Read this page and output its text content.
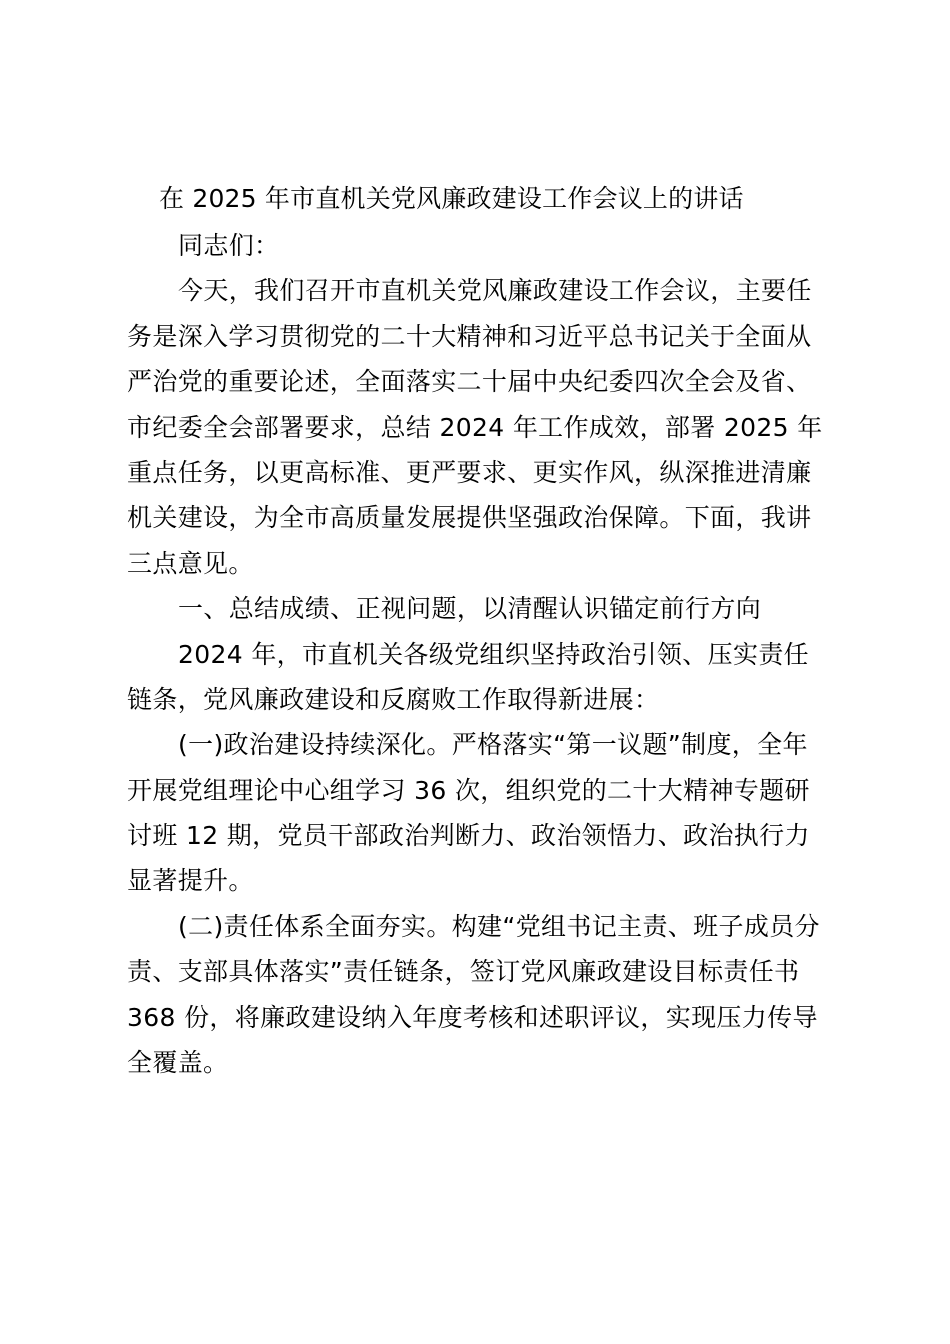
在 2025 年市直机关党风廉政建设工作会议上的讲话
同志们：
今天，我们召开市直机关党风廉政建设工作会议，主要任
务是深入学习贯彻党的二十大精神和习近平总书记关于全面从
严治党的重要论述，全面落实二十届中央纪委四次全会及省、
市纪委全会部署要求，总结 2024 年工作成效，部署 2025 年
重点任务，以更高标准、更严要求、更实作风，纵深推进清廉
机关建设，为全市高质量发展提供坚强政治保障。下面，我讲
三点意见。
一、总结成绩、正视问题，以清醒认识锚定前行方向
2024 年，市直机关各级党组织坚持政治引领、压实责任
链条，党风廉政建设和反腐败工作取得新进展：
(一)政治建设持续深化。严格落实“第一议题”制度，全年
开展党组理论中心组学习 36 次，组织党的二十大精神专题研
讨班 12 期，党员干部政治判断力、政治领悟力、政治执行力
显著提升。
(二)责任体系全面夯实。构建“党组书记主责、班子成员分
责、支部具体落实”责任链条，签订党风廉政建设目标责任书
368 份，将廉政建设纳入年度考核和述职评议，实现压力传导
全覆盖。
